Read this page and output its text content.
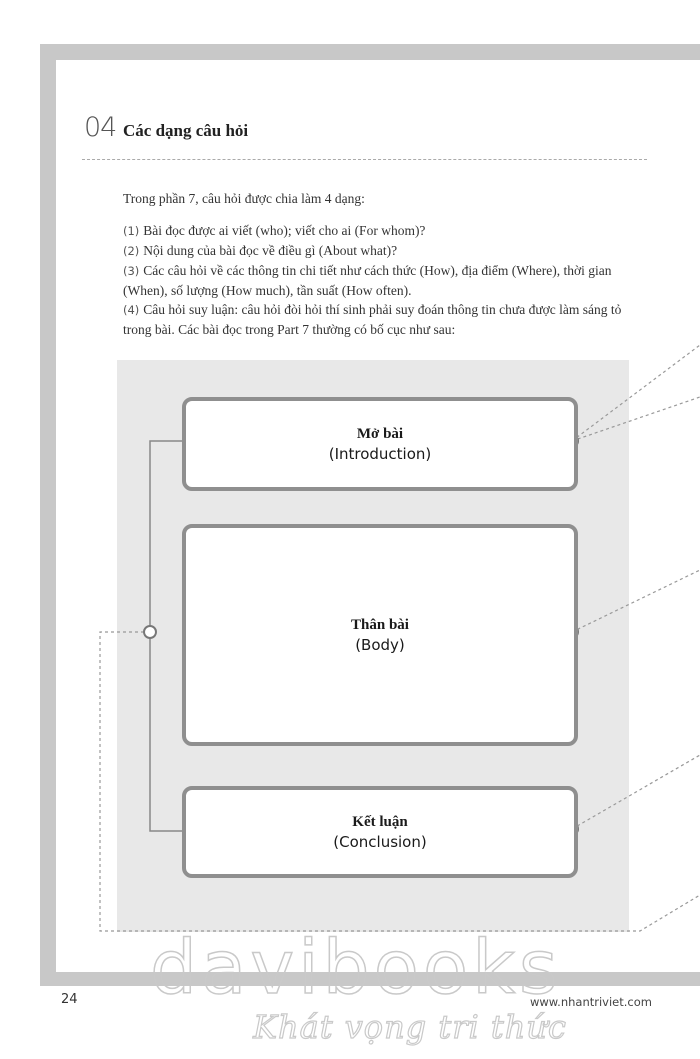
04 Các dạng câu hỏi
Trong phần 7, câu hỏi được chia làm 4 dạng:
(1) Bài đọc được ai viết (who); viết cho ai (For whom)?
(2) Nội dung của bài đọc về điều gì (About what)?
(3) Các câu hỏi về các thông tin chi tiết như cách thức (How), địa điểm (Where), thời gian
(When), số lượng (How much), tần suất (How often).
(4) Câu hỏi suy luận: câu hỏi đòi hỏi thí sinh phải suy đoán thông tin chưa được làm sáng tỏ
trong bài. Các bài đọc trong Part 7 thường có bố cục như sau:
Mở bài
(Introduction)
Thân bài
(Body)
Kết luận
(Conclusion)
davibooks
24	www.nhantriviet.com
Khát vọng tri thức
